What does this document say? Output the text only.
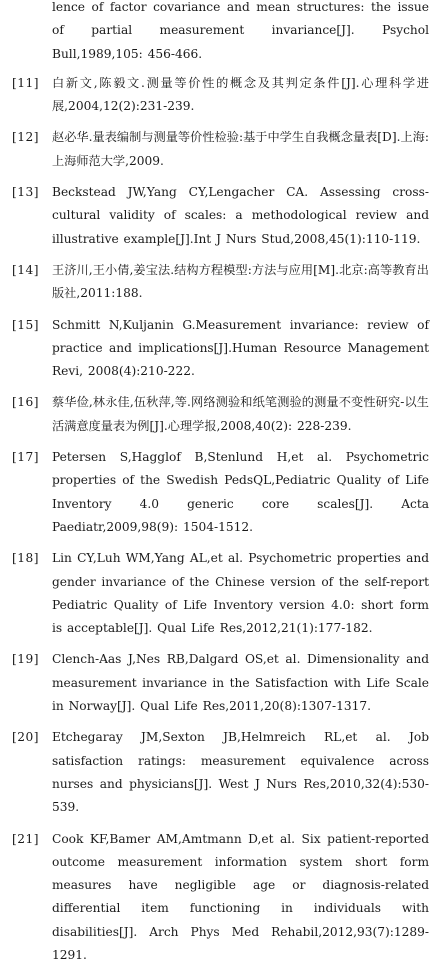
lence of factor covariance and mean structures: the issue of partial measurement invariance[J]. Psychol Bull,1989,105: 456-466.
[11]	白新文,陈毅文.测量等价性的概念及其判定条件[J].心理科学进展,2004,12(2):231-239.
[12]	赵必华.量表编制与测量等价性检验:基于中学生自我概念量表[D].上海:上海师范大学,2009.
[13]	Beckstead JW,Yang CY,Lengacher CA. Assessing cross-cultural validity of scales: a methodological review and illustrative example[J].Int J Nurs Stud,2008,45(1):110-119.
[14]	王济川,王小倩,姜宝法.结构方程模型:方法与应用[M].北京:高等教育出版社,2011:188.
[15]	Schmitt N,Kuljanin G.Measurement invariance: review of practice and implications[J].Human Resource Management Revi, 2008(4):210-222.
[16]	蔡华俭,林永佳,伍秋萍,等.网络测验和纸笔测验的测量不变性研究-以生活满意度量表为例[J].心理学报,2008,40(2): 228-239.
[17]	Petersen S,Hagglof B,Stenlund H,et al. Psychometric properties of the Swedish PedsQL,Pediatric Quality of Life Inventory 4.0 generic core scales[J]. Acta Paediatr,2009,98(9): 1504-1512.
[18]	Lin CY,Luh WM,Yang AL,et al. Psychometric properties and gender invariance of the Chinese version of the self-report Pediatric Quality of Life Inventory version 4.0: short form is acceptable[J]. Qual Life Res,2012,21(1):177-182.
[19]	Clench-Aas J,Nes RB,Dalgard OS,et al. Dimensionality and measurement invariance in the Satisfaction with Life Scale in Norway[J]. Qual Life Res,2011,20(8):1307-1317.
[20]	Etchegaray JM,Sexton JB,Helmreich RL,et al. Job satisfaction ratings: measurement equivalence across nurses and physicians[J]. West J Nurs Res,2010,32(4):530-539.
[21]	Cook KF,Bamer AM,Amtmann D,et al. Six patient-reported outcome measurement information system short form measures have negligible age or diagnosis-related differential item functioning in individuals with disabilities[J]. Arch Phys Med Rehabil,2012,93(7):1289-1291.
